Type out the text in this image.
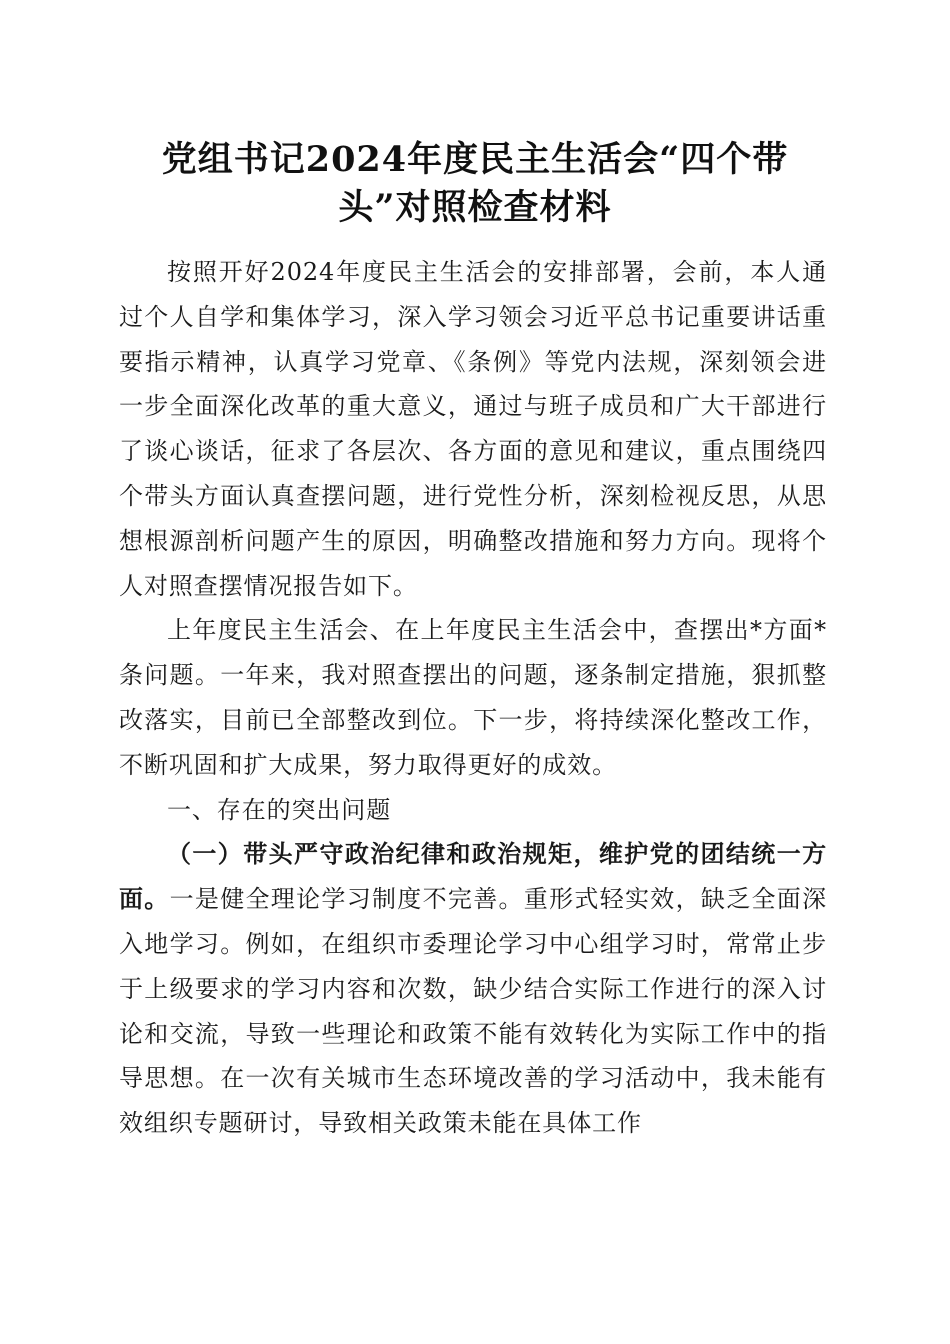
党组书记2024年度民主生活会“四个带
头”对照检查材料

按照开好2024年度民主生活会的安排部署，会前，本人通过个人自学和集体学习，深入学习领会习近平总书记重要讲话重要指示精神，认真学习党章、《条例》等党内法规，深刻领会进一步全面深化改革的重大意义，通过与班子成员和广大干部进行了谈心谈话，征求了各层次、各方面的意见和建议，重点围绕四个带头方面认真查摆问题，进行党性分析，深刻检视反思，从思想根源剖析问题产生的原因，明确整改措施和努力方向。现将个人对照查摆情况报告如下。

上年度民主生活会、在上年度民主生活会中，查摆出*方面*条问题。一年来，我对照查摆出的问题，逐条制定措施，狠抓整改落实，目前已全部整改到位。下一步，将持续深化整改工作，不断巩固和扩大成果，努力取得更好的成效。

一、存在的突出问题

（一）带头严守政治纪律和政治规矩，维护党的团结统一方面。一是健全理论学习制度不完善。重形式轻实效，缺乏全面深入地学习。例如，在组织市委理论学习中心组学习时，常常止步于上级要求的学习内容和次数，缺少结合实际工作进行的深入讨论和交流，导致一些理论和政策不能有效转化为实际工作中的指导思想。在一次有关城市生态环境改善的学习活动中，我未能有效组织专题研讨，导致相关政策未能在具体工作
